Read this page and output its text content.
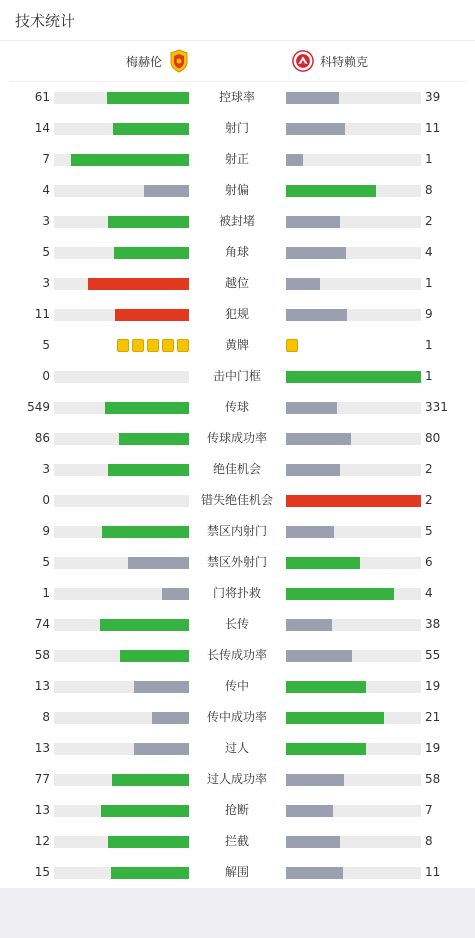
技术统计
梅赫伦	科特赖克
61	控球率	39
14	射门	11
7	射正	1
4	射偏	8
3	被封堵	2
5	角球	4
3	越位	1
11	犯规	9
5	黄牌	1
0	击中门框	1
549	传球	331
86	传球成功率	80
3	绝佳机会	2
0	错失绝佳机会	2
9	禁区内射门	5
5	禁区外射门	6
1	门将扑救	4
74	长传	38
58	长传成功率	55
13	传中	19
8	传中成功率	21
13	过人	19
77	过人成功率	58
13	抢断	7
12	拦截	8
15	解围	11
